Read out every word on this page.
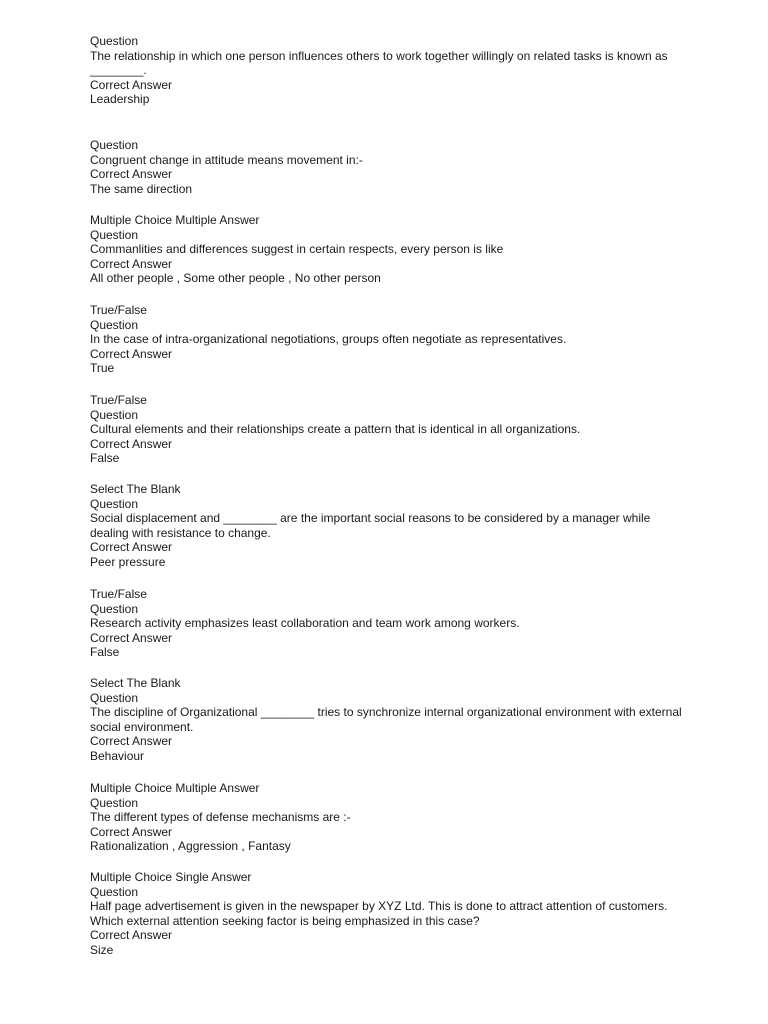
Question
The relationship in which one person influences others to work together willingly on related tasks is known as ________.
Correct Answer
Leadership
Question
Congruent change in attitude means movement in:-
Correct Answer
The same direction
Multiple Choice Multiple Answer
Question
Commanlities and differences suggest in certain respects, every person is like
Correct Answer
All other people , Some other people , No other person
True/False
Question
In the case of intra-organizational negotiations, groups often negotiate as representatives.
Correct Answer
True
True/False
Question
Cultural elements and their relationships create a pattern that is identical in all organizations.
Correct Answer
False
Select The Blank
Question
Social displacement and ________ are the important social reasons to be considered by a manager while dealing with resistance to change.
Correct Answer
Peer pressure
True/False
Question
Research activity emphasizes least collaboration and team work among workers.
Correct Answer
False
Select The Blank
Question
The discipline of Organizational ________ tries to synchronize internal organizational environment with external social environment.
Correct Answer
Behaviour
Multiple Choice Multiple Answer
Question
The different types of defense mechanisms are :-
Correct Answer
Rationalization , Aggression , Fantasy
Multiple Choice Single Answer
Question
Half page advertisement is given in the newspaper by XYZ Ltd. This is done to attract attention of customers. Which external attention seeking factor is being emphasized in this case?
Correct Answer
Size
